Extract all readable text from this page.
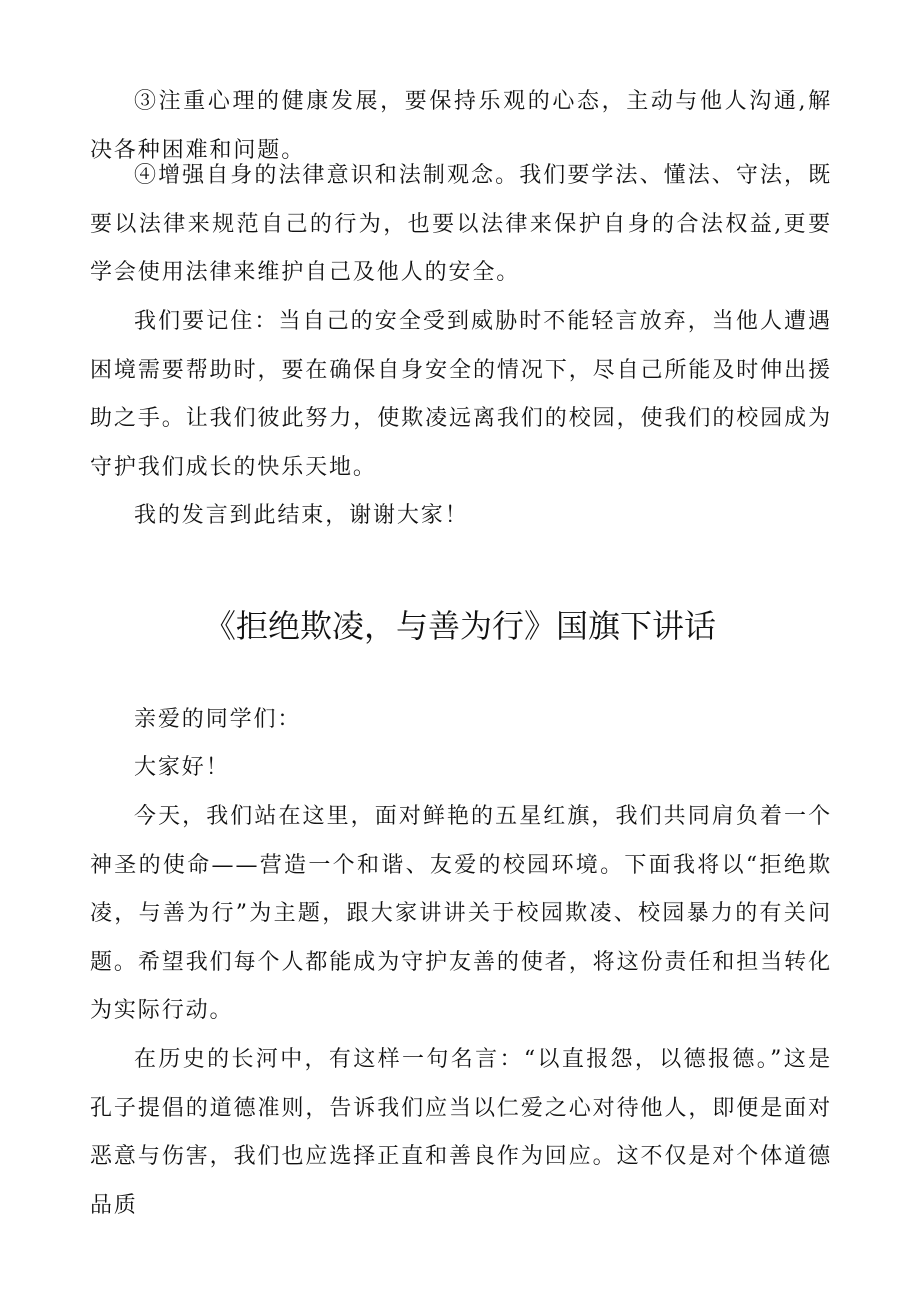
③注重心理的健康发展，要保持乐观的心态，主动与他人沟通,解决各种困难和问题。

④增强自身的法律意识和法制观念。我们要学法、懂法、守法，既要以法律来规范自己的行为，也要以法律来保护自身的合法权益,更要学会使用法律来维护自己及他人的安全。

我们要记住：当自己的安全受到威胁时不能轻言放弃，当他人遭遇困境需要帮助时，要在确保自身安全的情况下，尽自己所能及时伸出援助之手。让我们彼此努力，使欺凌远离我们的校园，使我们的校园成为守护我们成长的快乐天地。

我的发言到此结束，谢谢大家！

《拒绝欺凌，与善为行》国旗下讲话

亲爱的同学们：

大家好！

今天，我们站在这里，面对鲜艳的五星红旗，我们共同肩负着一个神圣的使命——营造一个和谐、友爱的校园环境。下面我将以“拒绝欺凌，与善为行”为主题，跟大家讲讲关于校园欺凌、校园暴力的有关问题。希望我们每个人都能成为守护友善的使者，将这份责任和担当转化为实际行动。

在历史的长河中，有这样一句名言：“以直报怨，以德报德。”这是孔子提倡的道德准则，告诉我们应当以仁爱之心对待他人，即便是面对恶意与伤害，我们也应选择正直和善良作为回应。这不仅是对个体道德品质
